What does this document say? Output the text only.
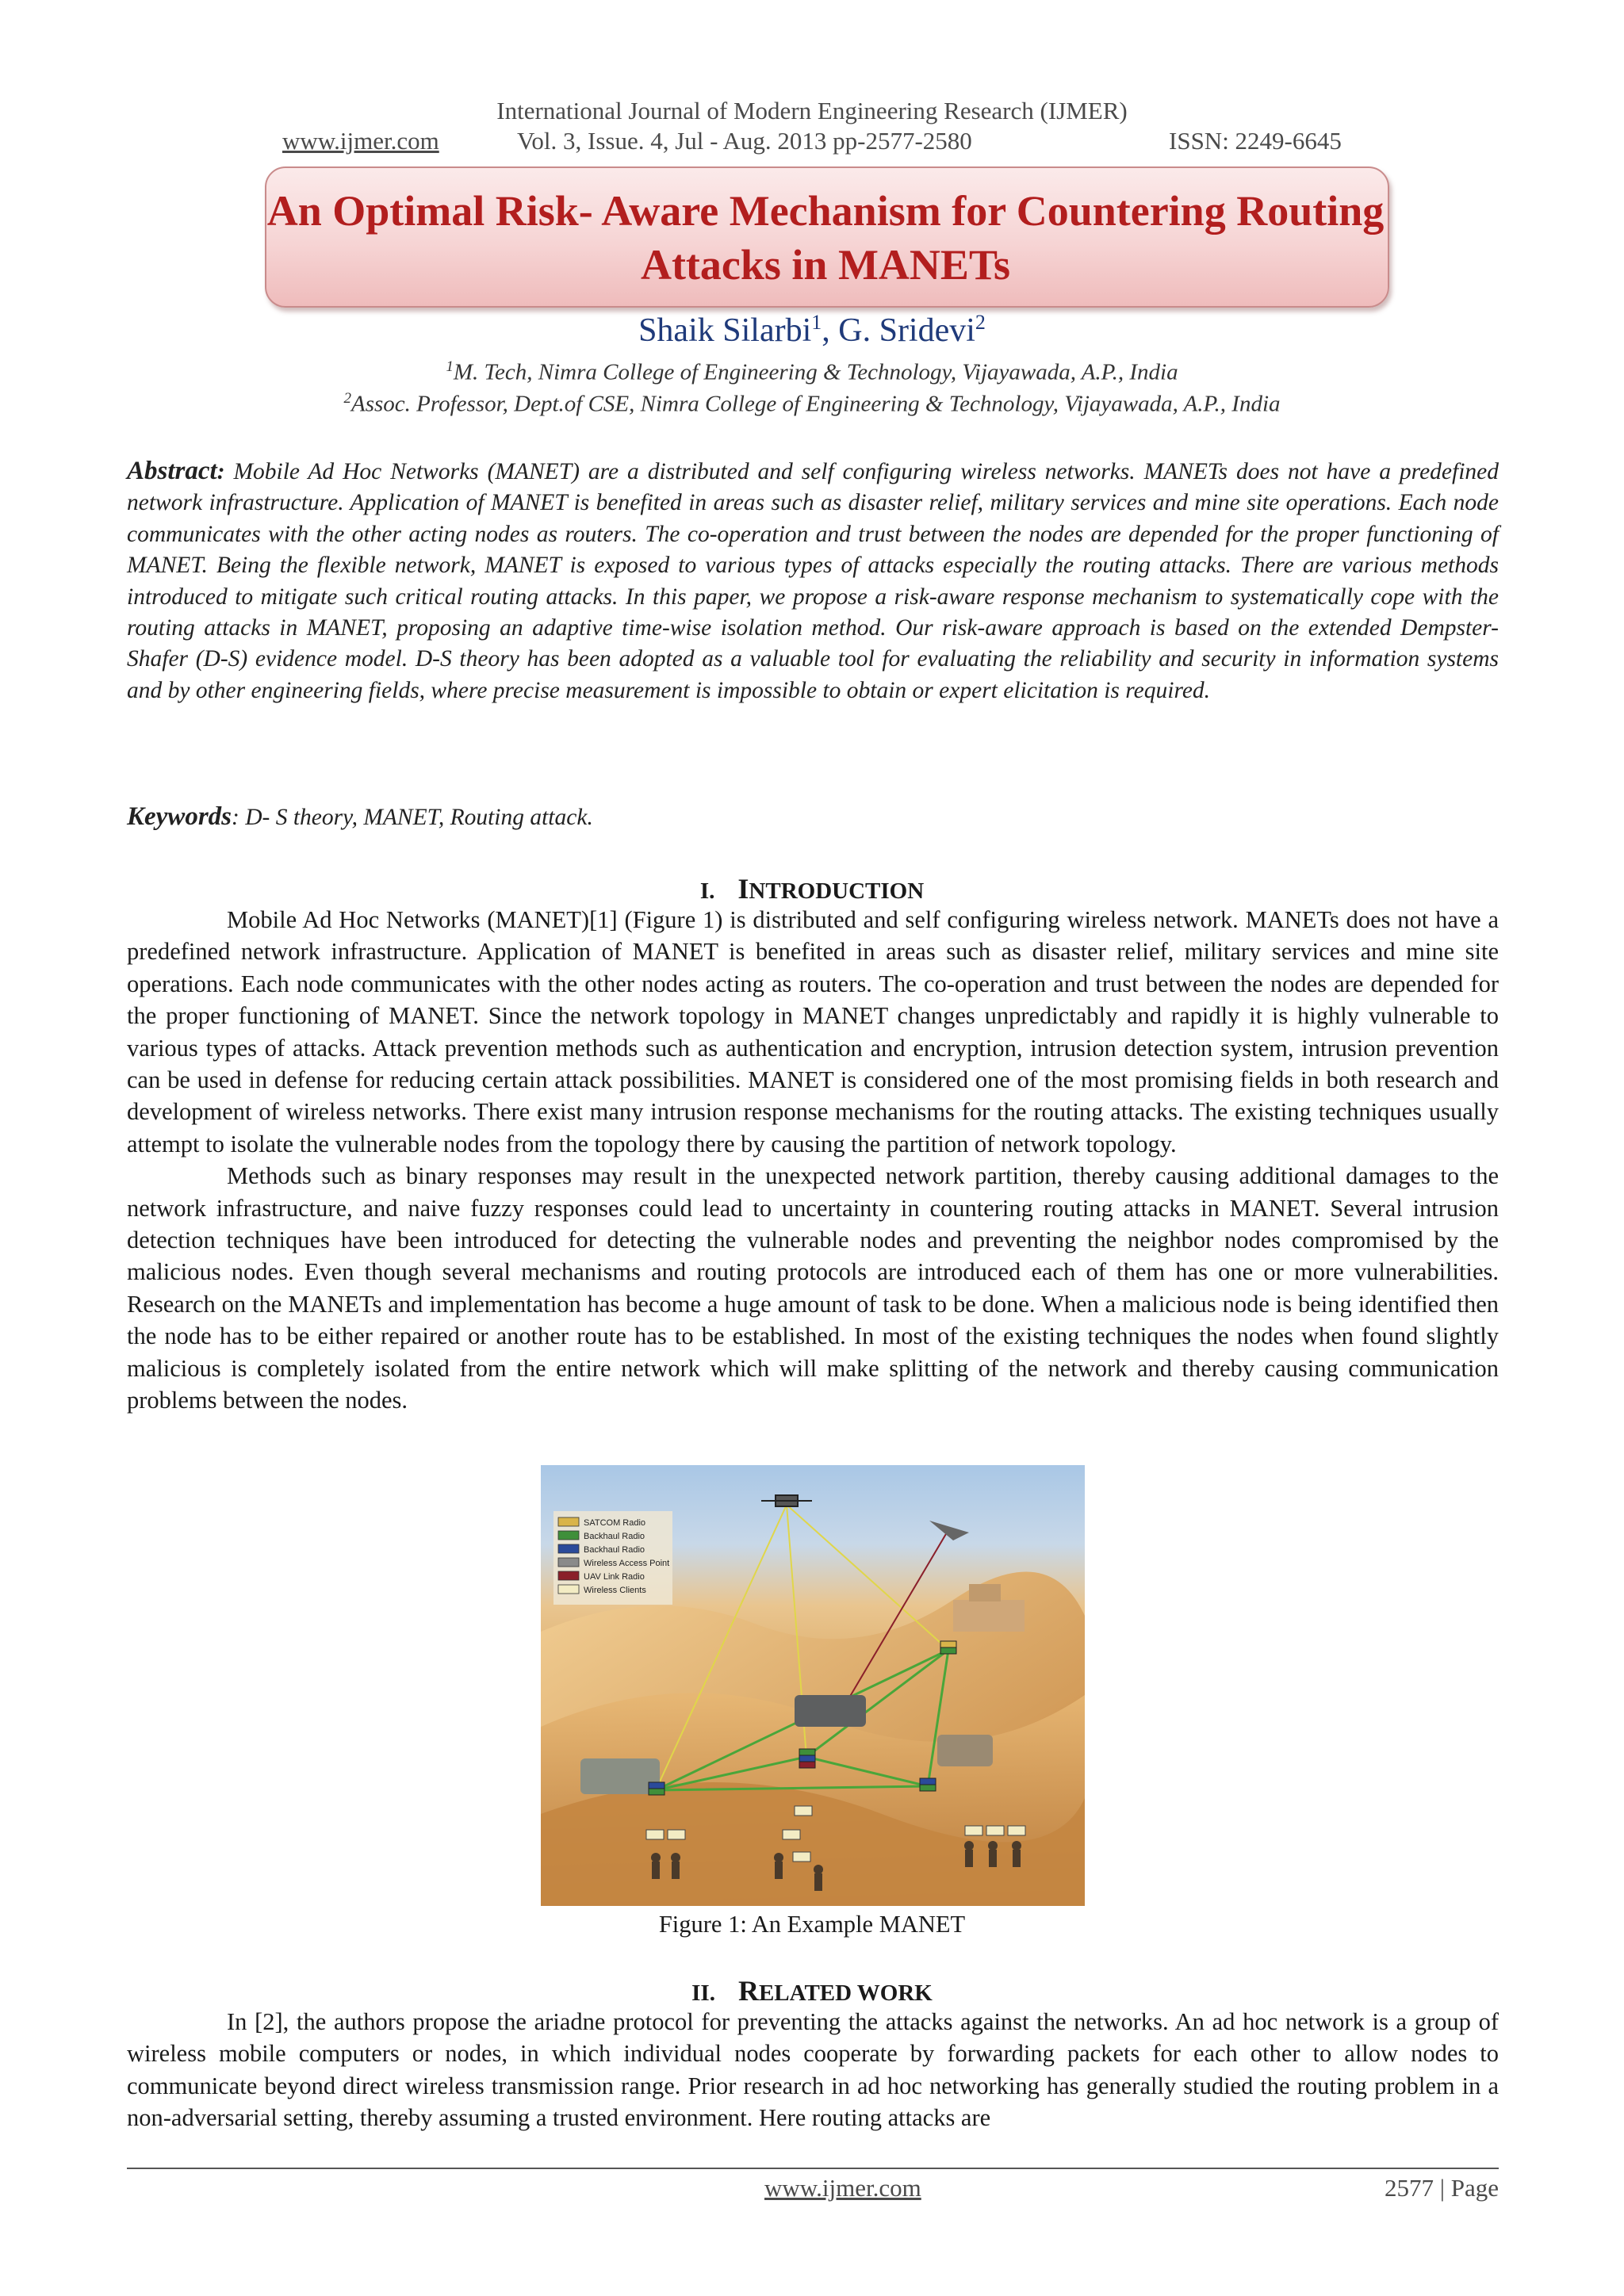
International Journal of Modern Engineering Research (IJMER)
www.ijmer.com	Vol. 3, Issue. 4, Jul - Aug. 2013 pp-2577-2580	ISSN: 2249-6645
An Optimal Risk- Aware Mechanism for Countering Routing Attacks in MANETs
Shaik Silarbi$^1$, G. Sridevi$^2$
$^1$M. Tech, Nimra College of Engineering & Technology, Vijayawada, A.P., India
$^2$Assoc. Professor, Dept.of CSE, Nimra College of Engineering & Technology, Vijayawada, A.P., India
Abstract: Mobile Ad Hoc Networks (MANET) are a distributed and self configuring wireless networks. MANETs does not have a predefined network infrastructure. Application of MANET is benefited in areas such as disaster relief, military services and mine site operations. Each node communicates with the other acting nodes as routers. The co-operation and trust between the nodes are depended for the proper functioning of MANET. Being the flexible network, MANET is exposed to various types of attacks especially the routing attacks. There are various methods introduced to mitigate such critical routing attacks. In this paper, we propose a risk-aware response mechanism to systematically cope with the routing attacks in MANET, proposing an adaptive time-wise isolation method. Our risk-aware approach is based on the extended Dempster-Shafer (D-S) evidence model. D-S theory has been adopted as a valuable tool for evaluating the reliability and security in information systems and by other engineering fields, where precise measurement is impossible to obtain or expert elicitation is required.
Keywords: D- S theory, MANET, Routing attack.
I. INTRODUCTION

Mobile Ad Hoc Networks (MANET)[1] (Figure 1) is distributed and self configuring wireless network. MANETs does not have a predefined network infrastructure. Application of MANET is benefited in areas such as disaster relief, military services and mine site operations. Each node communicates with the other nodes acting as routers. The co-operation and trust between the nodes are depended for the proper functioning of MANET. Since the network topology in MANET changes unpredictably and rapidly it is highly vulnerable to various types of attacks. Attack prevention methods such as authentication and encryption, intrusion detection system, intrusion prevention can be used in defense for reducing certain attack possibilities. MANET is considered one of the most promising fields in both research and development of wireless networks. There exist many intrusion response mechanisms for the routing attacks. The existing techniques usually attempt to isolate the vulnerable nodes from the topology there by causing the partition of network topology.

Methods such as binary responses may result in the unexpected network partition, thereby causing additional damages to the network infrastructure, and naive fuzzy responses could lead to uncertainty in countering routing attacks in MANET. Several intrusion detection techniques have been introduced for detecting the vulnerable nodes and preventing the neighbor nodes compromised by the malicious nodes. Even though several mechanisms and routing protocols are introduced each of them has one or more vulnerabilities. Research on the MANETs and implementation has become a huge amount of task to be done. When a malicious node is being identified then the node has to be either repaired or another route has to be established. In most of the existing techniques the nodes when found slightly malicious is completely isolated from the entire network which will make splitting of the network and thereby causing communication problems between the nodes.

SATCOM Radio
Backhaul Radio
Backhaul Radio
Wireless Access Point
UAV Link Radio
Wireless Clients
Figure 1: An Example MANET
II. RELATED WORK

In [2], the authors propose the ariadne protocol for preventing the attacks against the networks. An ad hoc network is a group of wireless mobile computers or nodes, in which individual nodes cooperate by forwarding packets for each other to allow nodes to communicate beyond direct wireless transmission range. Prior research in ad hoc networking has generally studied the routing problem in a non-adversarial setting, thereby assuming a trusted environment. Here routing attacks are

www.ijmer.com	2577 | Page
